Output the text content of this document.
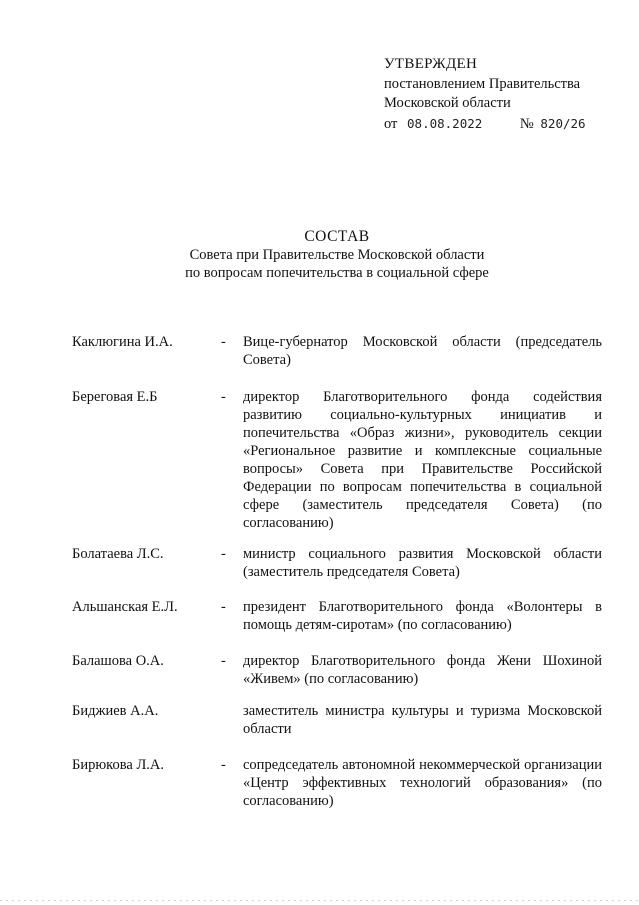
УТВЕРЖДЕН
постановлением Правительства
Московской области
от 08.08.2022	№ 820/26
СОСТАВ
Совета при Правительстве Московской области
по вопросам попечительства в социальной сфере
Каклюгина И.А.	- Вице-губернатор Московской области (председатель Совета)
Береговая Е.Б	- директор Благотворительного фонда содействия развитию социально-культурных инициатив и попечительства «Образ жизни», руководитель секции «Региональное развитие и комплексные социальные вопросы» Совета при Правительстве Российской Федерации по вопросам попечительства в социальной сфере (заместитель председателя Совета) (по согласованию)
Болатаева Л.С.	- министр социального развития Московской области (заместитель председателя Совета)
Альшанская Е.Л.	- президент Благотворительного фонда «Волонтеры в помощь детям-сиротам» (по согласованию)
Балашова О.А.	- директор Благотворительного фонда Жени Шохиной «Живем» (по согласованию)
Биджиев А.А.	заместитель министра культуры и туризма Московской области
Бирюкова Л.А.	- сопредседатель автономной некоммерческой организации «Центр эффективных технологий образования» (по согласованию)
